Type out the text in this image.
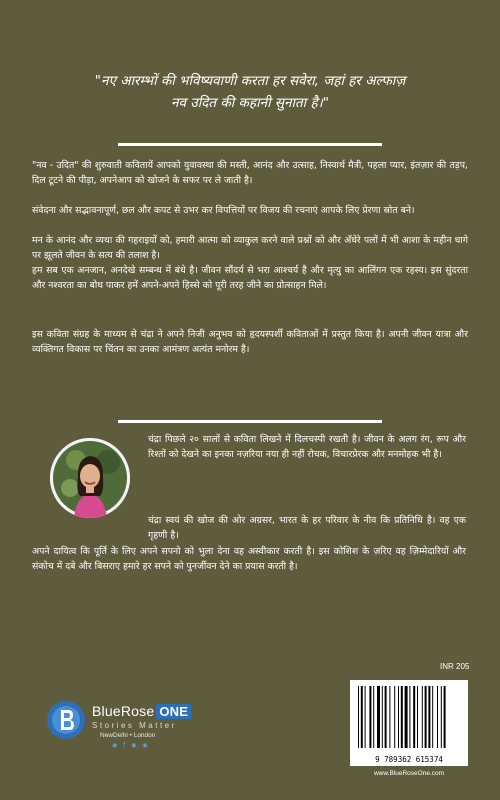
"नए आरम्भों की भविष्यवाणी करता हर सवेरा, जहां हर अल्फाज़
नव उदित की कहानी सुनाता है।"

"नव - उदित" की शुरुवाती कवितायें आपको युवावस्था की मस्ती, आनंद और उत्साह, निस्वार्थ मैत्री, पहला प्यार, इंतज़ार की तड़प, दिल टूटने की पीड़ा, अपनेआप को खोजने के सफर पर ले जाती है।

संवेदना और सद्भावनापूर्ण, छल और कपट से उभर कर विपत्तियों पर विजय की रचनाएं आपके लिए प्रेरणा स्रोत बने।

मन के आनंद और व्यथा की गहराइयों को, हमारी आत्मा को व्याकुल करने वाले प्रश्नों को और अँधेरे पलों में भी आशा के महीन धागे पर झूलते जीवन के सत्य की तलाश है।

हम सब एक अनजान, अनदेखे सम्बन्ध में बंधे है। जीवन सौंदर्य से भरा आश्चर्य है और मृत्यु का आलिंगन एक रहस्य। इस सुंदरता और नश्वरता का बोध पाकर हमें अपने-अपने हिस्से को पूरी तरह जीने का प्रोत्साहन मिले।

इस कविता संग्रह के माध्यम से चंद्रा ने अपने निजी अनुभव को हृदयस्पर्शी कविताओं में प्रस्तुत किया है। अपनी जीवन यात्रा और व्यक्तिगत विकास पर चिंतन का उनका आमंत्रण अत्यंत मनोरम है।

चंद्रा पिछले २० सालों से कविता लिखने में दिलचस्पी रखती है। जीवन के अलग रंग, रूप और रिश्तों को देखने का इनका नज़रिया नया ही नहीं रोचक, विचारप्रेरक और मनमोहक भी है।

चंद्रा स्वयं की खोज की ओर अग्रसर, भारत के हर परिवार के नीव कि प्रतिनिधि है। वह एक गृहणी है।

अपने दायित्व कि पूर्ति के लिए अपने सपनो को भुला देना वह अस्वीकार करती है। इस कोशिश के ज़रिए वह ज़िम्मेदारियों और संकोच में दबे और बिसराए हमारे हर सपने को पुनर्जीवन देने का प्रयास करती है।

BlueRose ONE
Stories Matter
NewDelhi • London
◉ f ◉ ◉
INR 205
9 789362 615374
www.BlueRoseOne.com
